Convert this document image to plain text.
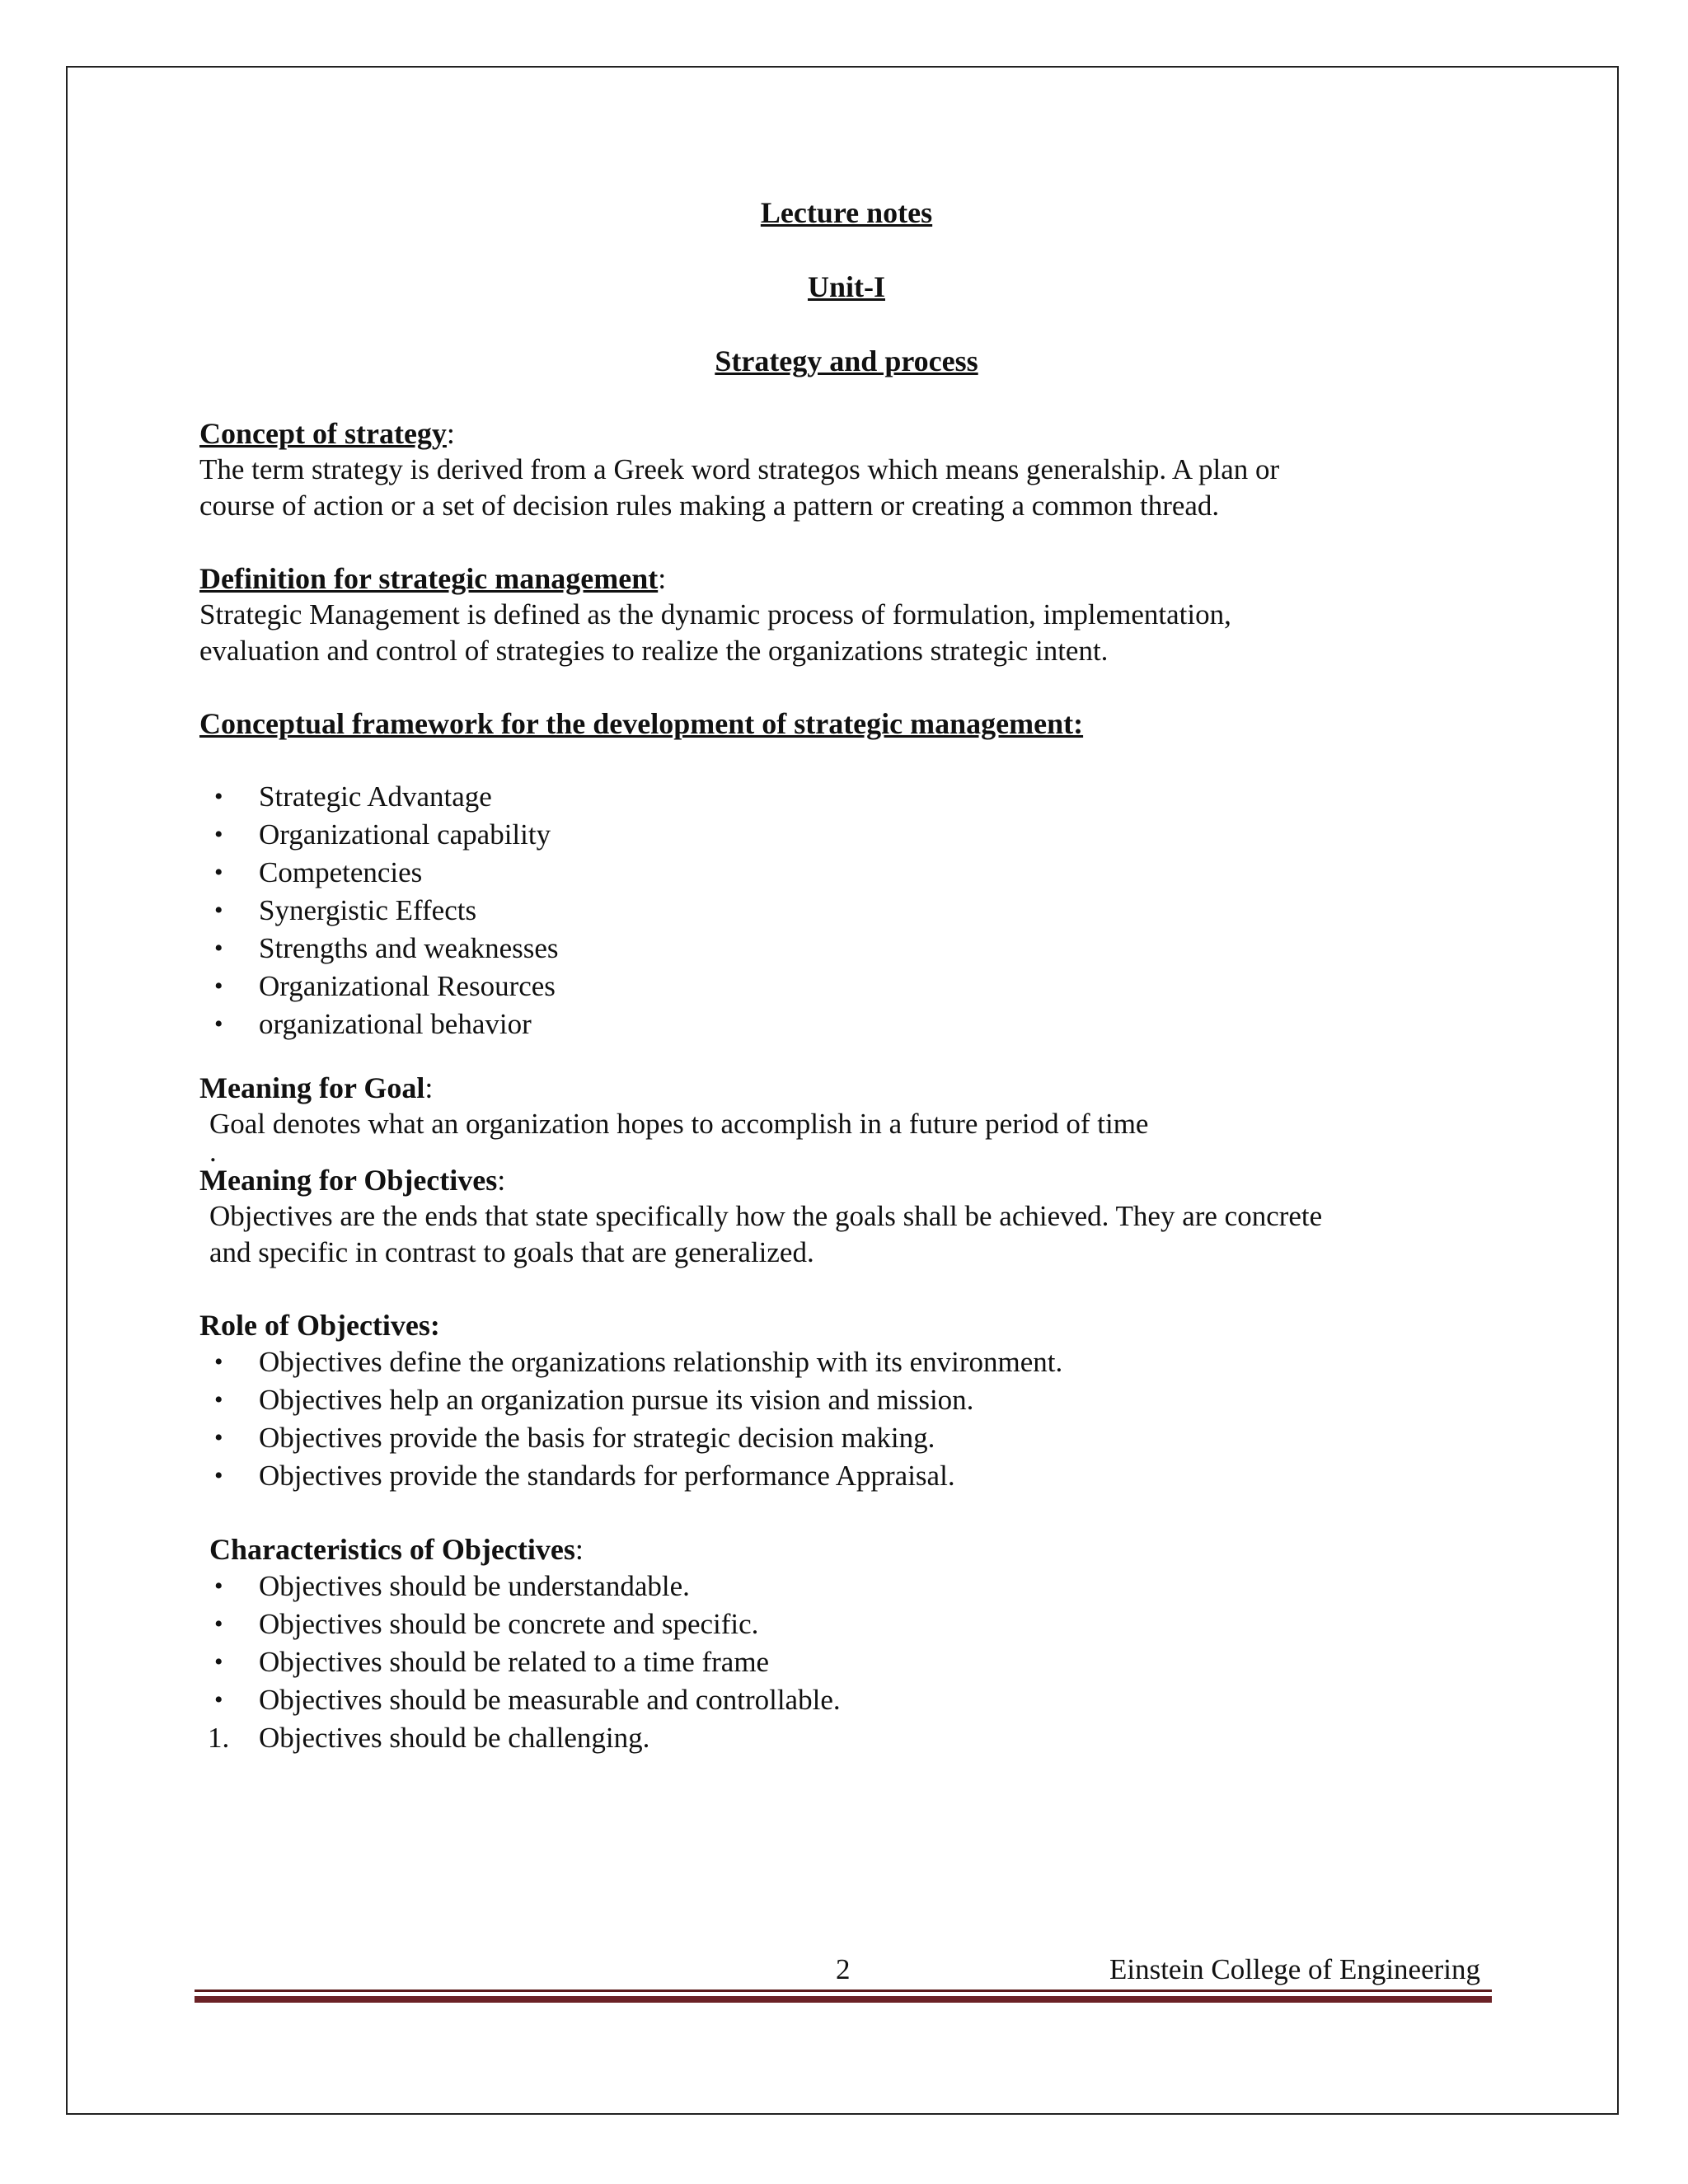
Lecture notes

Unit-I

Strategy and process

Concept of strategy:

The term strategy is derived from a Greek word strategos which means generalship. A plan or

course of action or a set of decision rules making a pattern or creating a common thread.

Definition for strategic management:

Strategic Management is defined as the dynamic process of formulation, implementation,

evaluation and control of strategies to realize the organizations strategic intent.

Conceptual framework for the development of strategic management:

• Strategic Advantage
• Organizational capability
• Competencies
• Synergistic Effects
• Strengths and weaknesses
• Organizational Resources
• organizational behavior

Meaning for Goal:

Goal denotes what an organization hopes to accomplish in a future period of time

.

Meaning for Objectives:

Objectives are the ends that state specifically how the goals shall be achieved. They are concrete

and specific in contrast to goals that are generalized.

Role of Objectives:

• Objectives define the organizations relationship with its environment.
• Objectives help an organization pursue its vision and mission.
• Objectives provide the basis for strategic decision making.
• Objectives provide the standards for performance Appraisal.

Characteristics of Objectives:

• Objectives should be understandable.
• Objectives should be concrete and specific.
• Objectives should be related to a time frame
• Objectives should be measurable and controllable.
1. Objectives should be challenging.
2	Einstein College of Engineering
